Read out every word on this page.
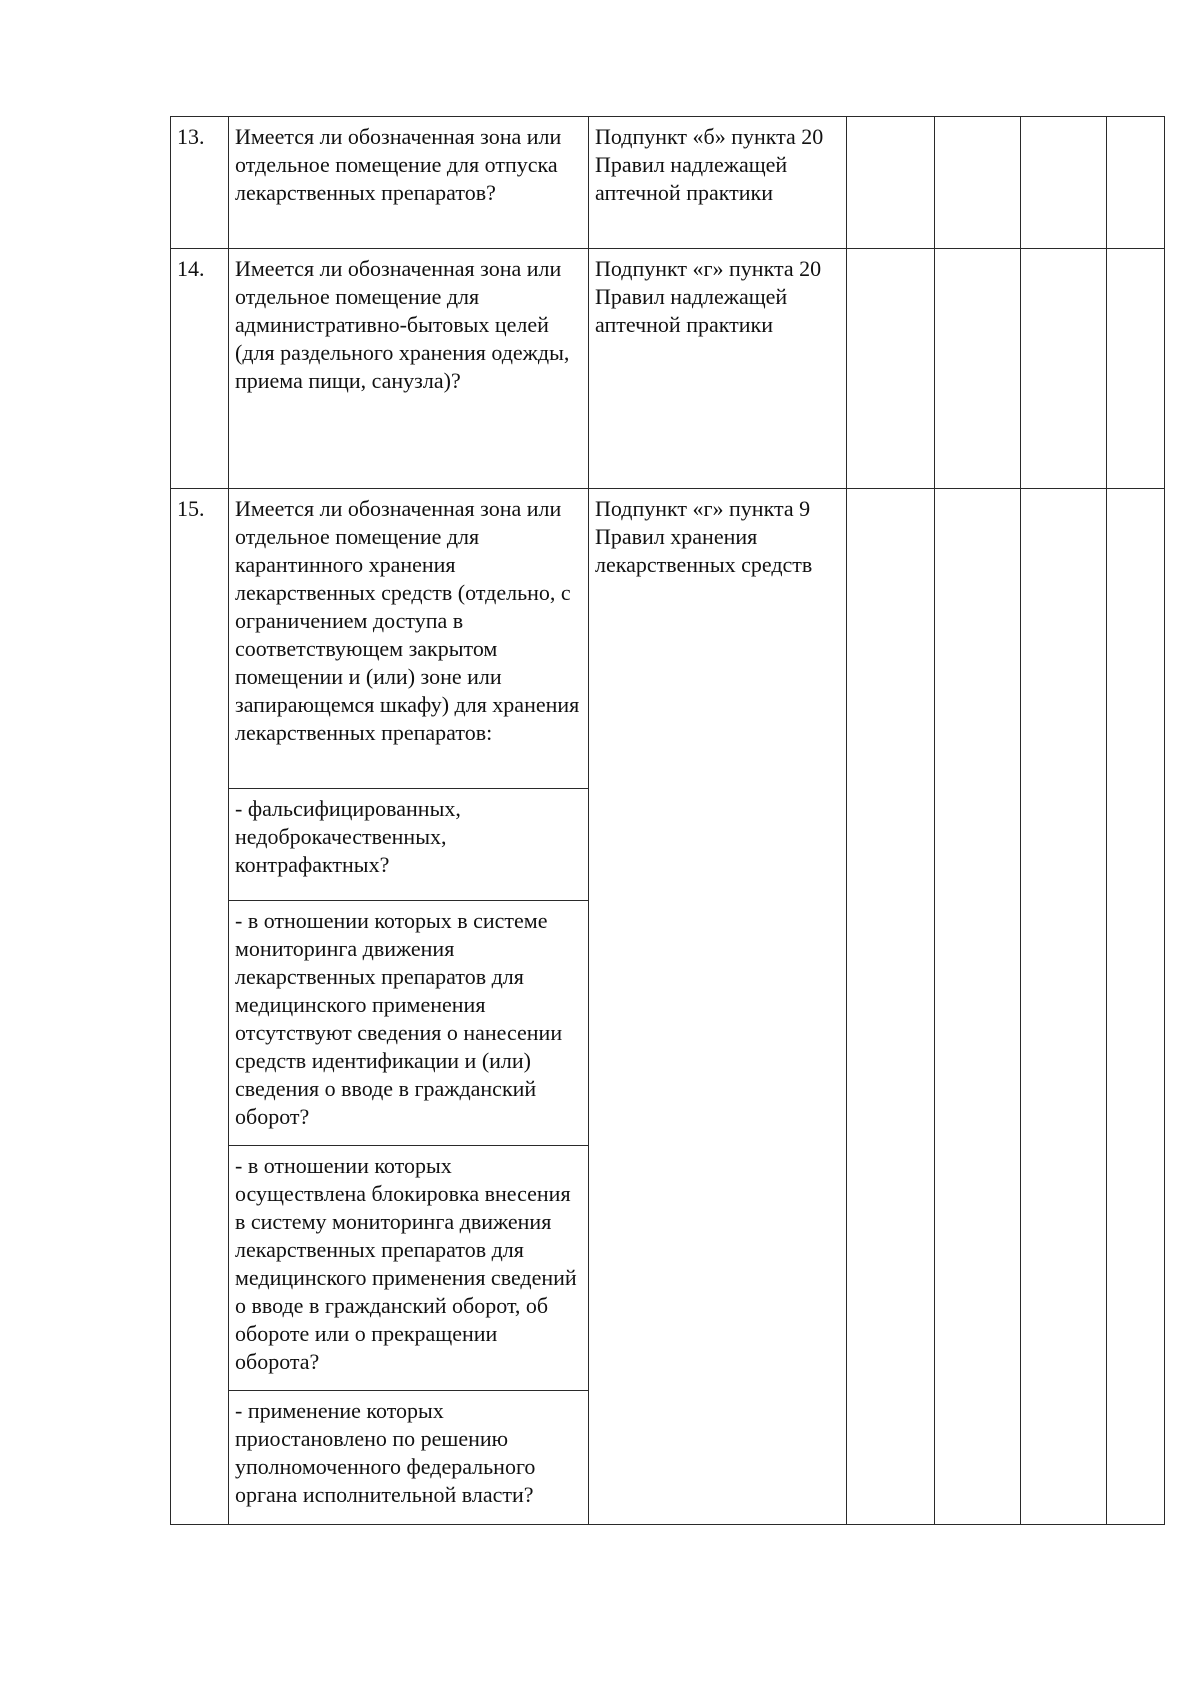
13.	Имеется ли обозначенная зона или отдельное помещение для отпуска лекарственных препаратов?	Подпункт «б» пункта 20 Правил надлежащей аптечной практики				
14.	Имеется ли обозначенная зона или отдельное помещение для административно-бытовых целей (для раздельного хранения одежды, приема пищи, санузла)?	Подпункт «г» пункта 20 Правил надлежащей аптечной практики				
15.	Имеется ли обозначенная зона или отдельное помещение для карантинного хранения лекарственных средств (отдельно, с ограничением доступа в соответствующем закрытом помещении и (или) зоне или запирающемся шкафу) для хранения лекарственных препаратов:	Подпункт «г» пункта 9 Правил хранения лекарственных средств				
	- фальсифицированных, недоброкачественных, контрафактных?					
	- в отношении которых в системе мониторинга движения лекарственных препаратов для медицинского применения отсутствуют сведения о нанесении средств идентификации и (или) сведения о вводе в гражданский оборот?					
	- в отношении которых осуществлена блокировка внесения в систему мониторинга движения лекарственных препаратов для медицинского применения сведений о вводе в гражданский оборот, об обороте или о прекращении оборота?					
	- применение которых приостановлено по решению уполномоченного федерального органа исполнительной власти?					
